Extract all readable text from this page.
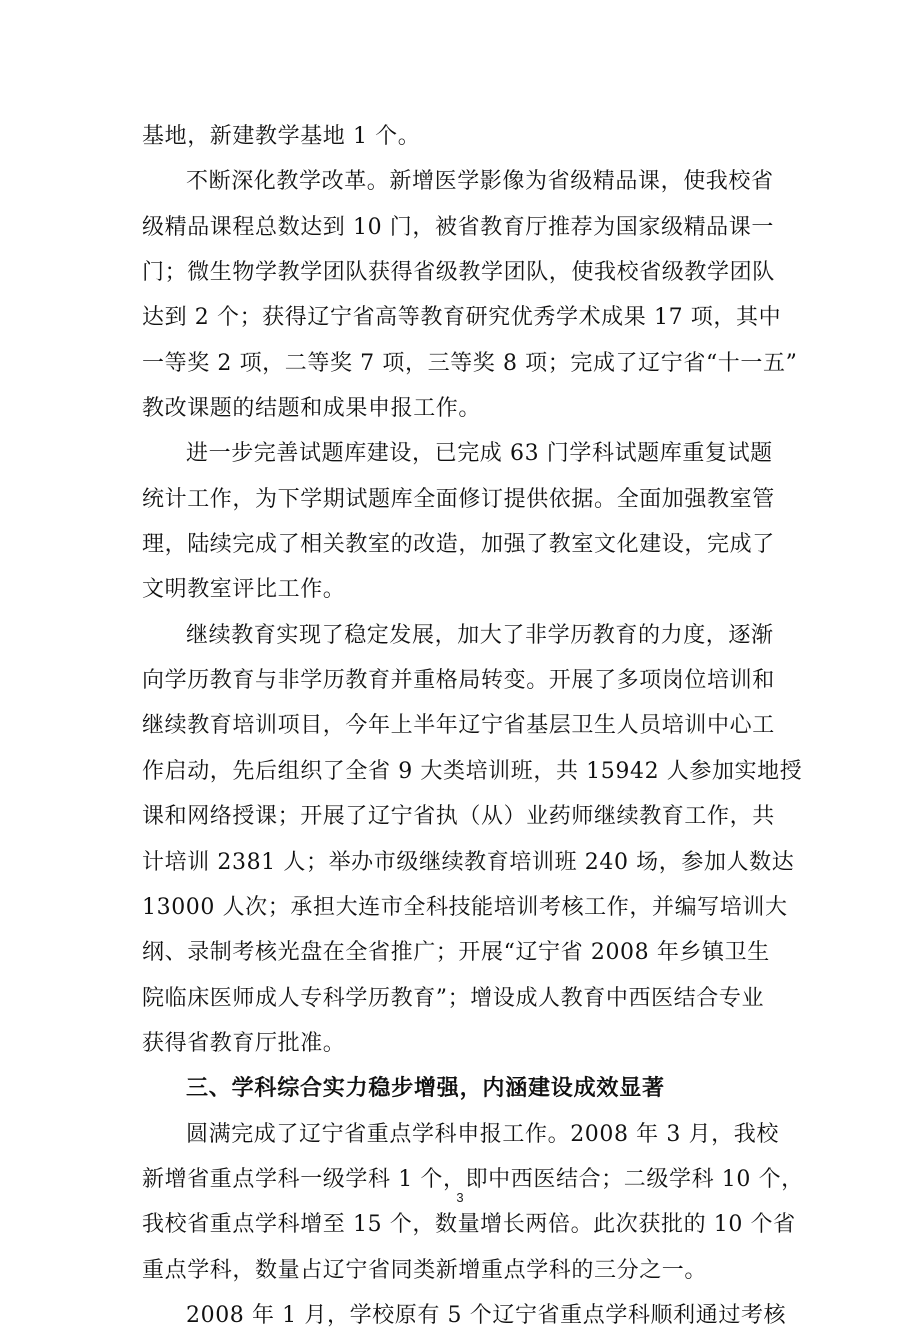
基地，新建教学基地 1 个。
不断深化教学改革。新增医学影像为省级精品课，使我校省
级精品课程总数达到 10 门，被省教育厅推荐为国家级精品课一
门；微生物学教学团队获得省级教学团队，使我校省级教学团队
达到 2 个；获得辽宁省高等教育研究优秀学术成果 17 项，其中
一等奖 2 项，二等奖 7 项，三等奖 8 项；完成了辽宁省“十一五”
教改课题的结题和成果申报工作。
进一步完善试题库建设，已完成 63 门学科试题库重复试题
统计工作，为下学期试题库全面修订提供依据。全面加强教室管
理，陆续完成了相关教室的改造，加强了教室文化建设，完成了
文明教室评比工作。
继续教育实现了稳定发展，加大了非学历教育的力度，逐渐
向学历教育与非学历教育并重格局转变。开展了多项岗位培训和
继续教育培训项目，今年上半年辽宁省基层卫生人员培训中心工
作启动，先后组织了全省 9 大类培训班，共 15942 人参加实地授
课和网络授课；开展了辽宁省执（从）业药师继续教育工作，共
计培训 2381 人；举办市级继续教育培训班 240 场，参加人数达
13000 人次；承担大连市全科技能培训考核工作，并编写培训大
纲、录制考核光盘在全省推广；开展“辽宁省 2008 年乡镇卫生
院临床医师成人专科学历教育”；增设成人教育中西医结合专业
获得省教育厅批准。
三、学科综合实力稳步增强，内涵建设成效显著
圆满完成了辽宁省重点学科申报工作。2008 年 3 月，我校
新增省重点学科一级学科 1 个，即中西医结合；二级学科 10 个，
我校省重点学科增至 15 个，数量增长两倍。此次获批的 10 个省
重点学科，数量占辽宁省同类新增重点学科的三分之一。
2008 年 1 月，学校原有 5 个辽宁省重点学科顺利通过考核
3
